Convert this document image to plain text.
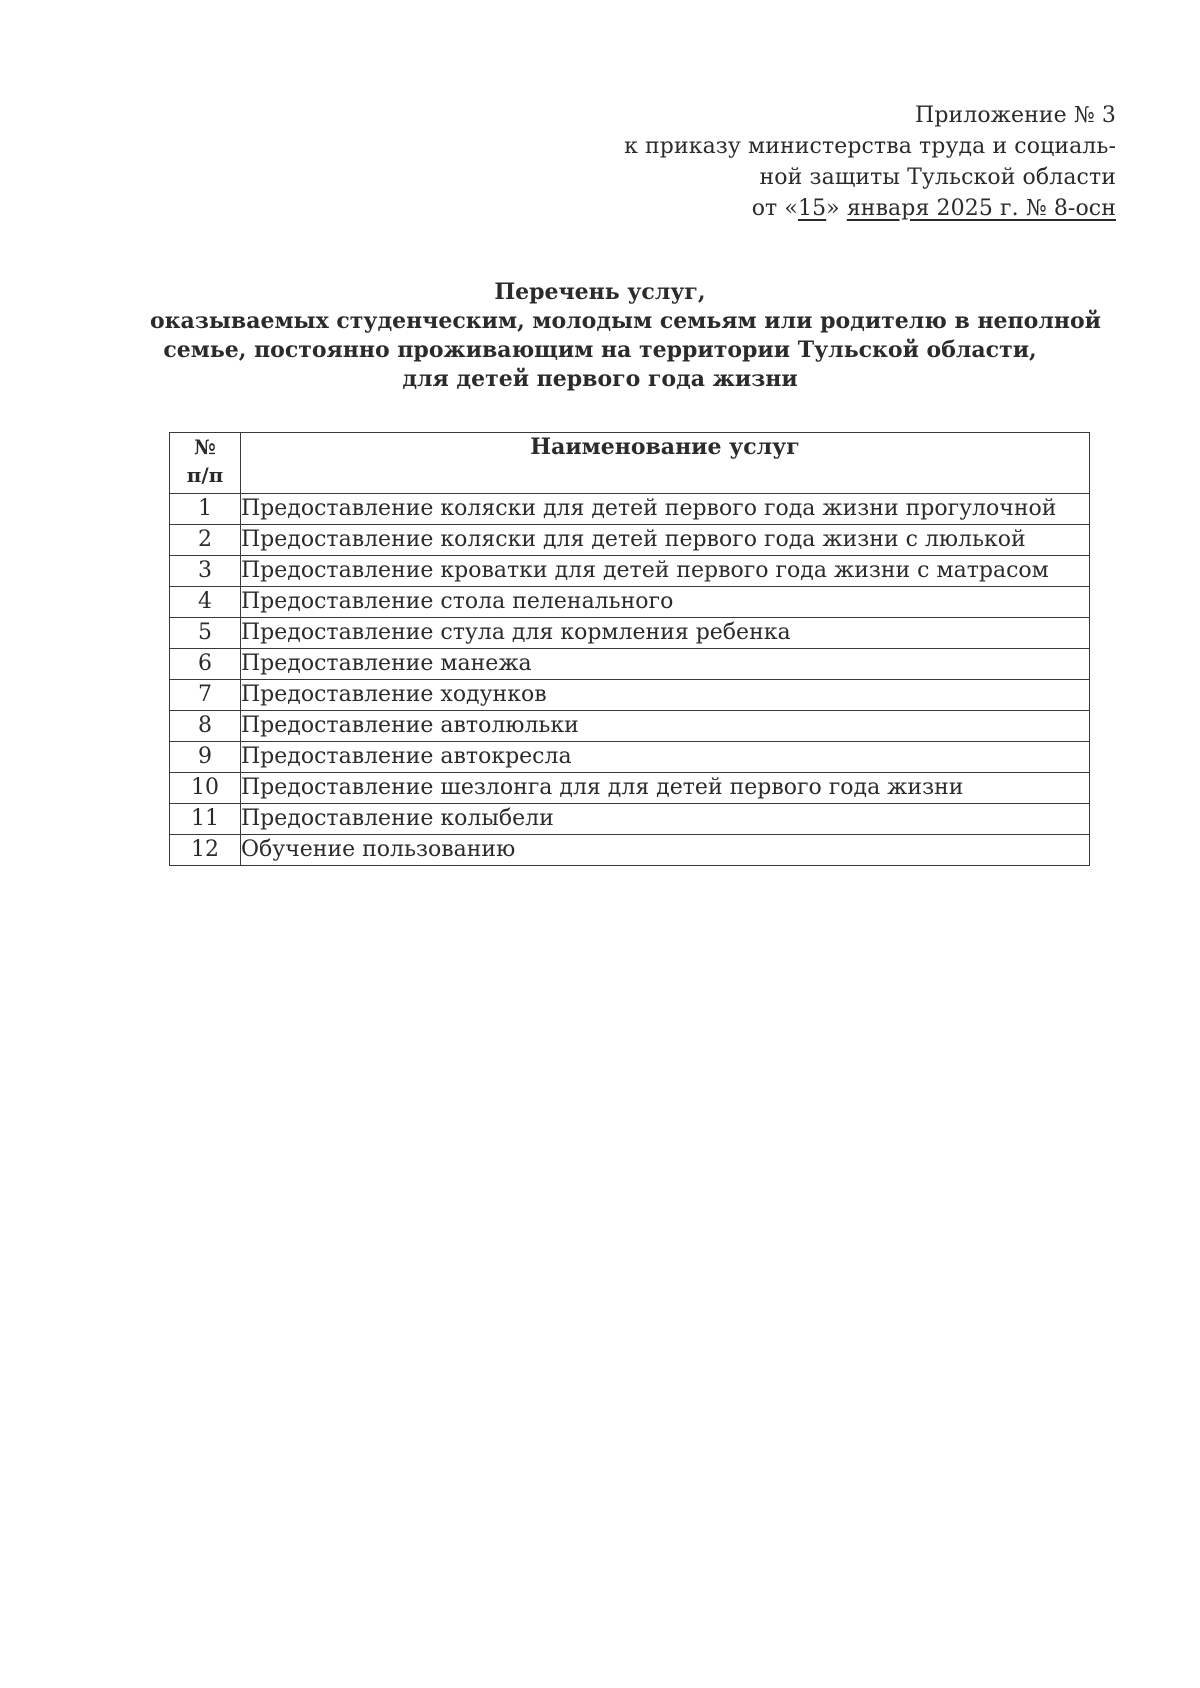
Приложение № 3
к приказу министерства труда и социаль-
ной защиты Тульской области
от «15» января 2025 г. № 8-осн
Перечень услуг,
оказываемых студенческим, молодым семьям или родителю в неполной
семье, постоянно проживающим на территории Тульской области,
для детей первого года жизни
№
п/п	Наименование услуг
1	Предоставление коляски для детей первого года жизни прогулочной
2	Предоставление коляски для детей первого года жизни с люлькой
3	Предоставление кроватки для детей первого года жизни с матрасом
4	Предоставление стола пеленального
5	Предоставление стула для кормления ребенка
6	Предоставление манежа
7	Предоставление ходунков
8	Предоставление автолюльки
9	Предоставление автокресла
10	Предоставление шезлонга для для детей первого года жизни
11	Предоставление колыбели
12	Обучение пользованию
